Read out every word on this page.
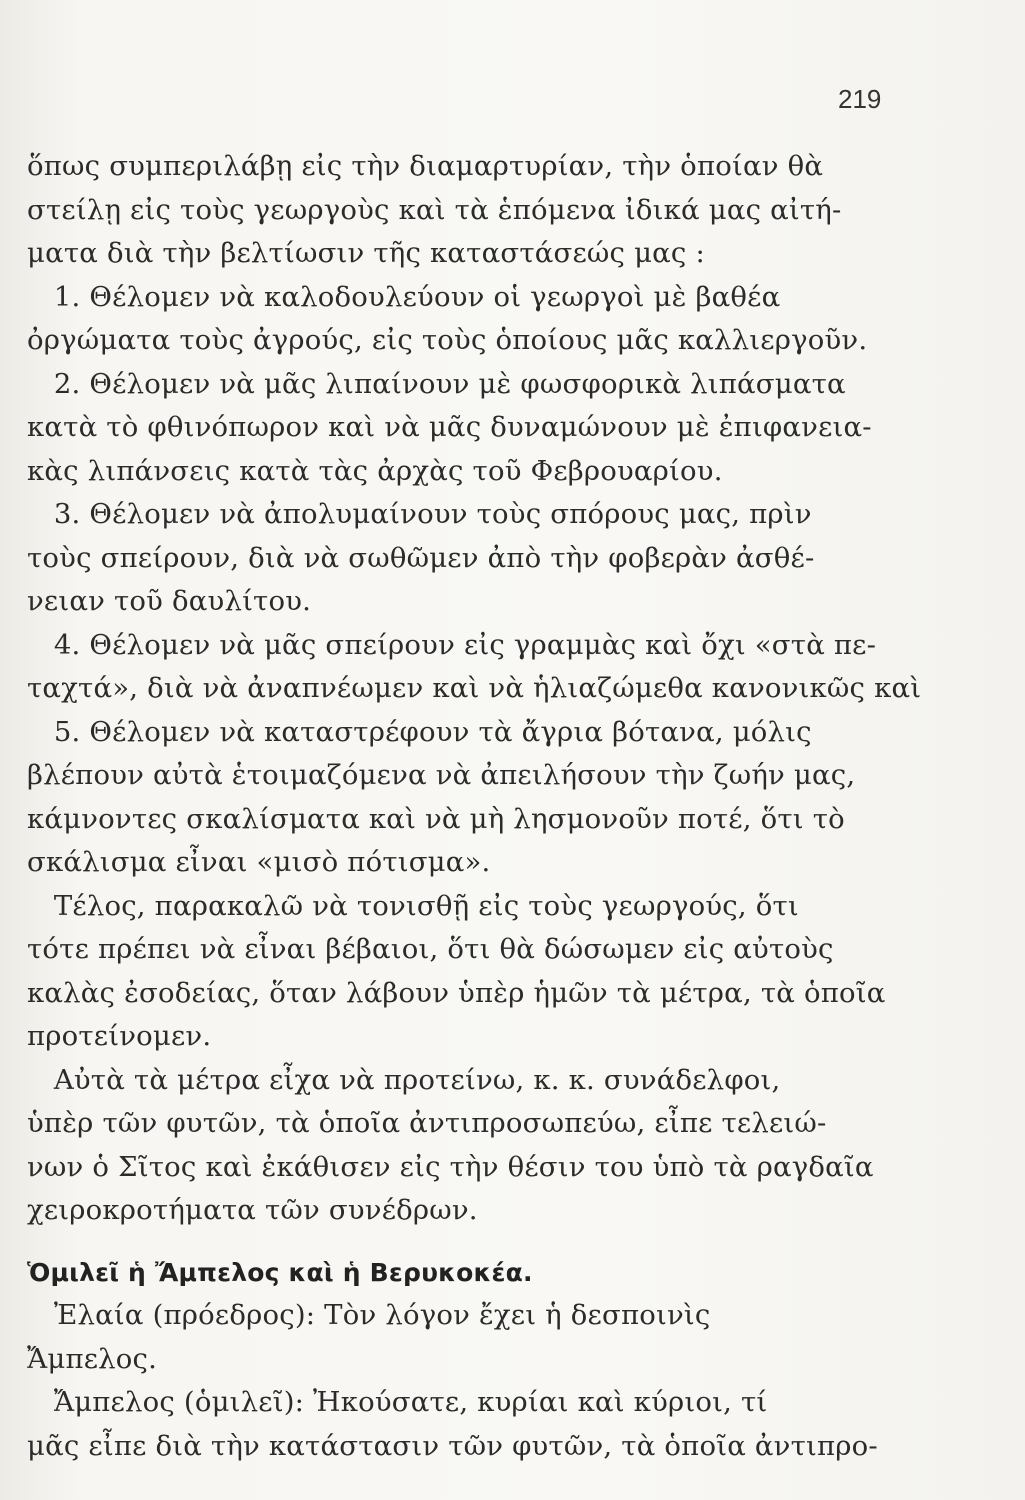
219
ὅπως συμπεριλάβῃ εἰς τὴν διαμαρτυρίαν, τὴν ὁποίαν θὰ
στείλῃ εἰς τοὺς γεωργοὺς καὶ τὰ ἑπόμενα ἰδικά μας αἰτή-
ματα διὰ τὴν βελτίωσιν τῆς καταστάσεώς μας :
1. Θέλομεν νὰ καλοδουλεύουν οἱ γεωργοὶ μὲ βαθέα
ὀργώματα τοὺς ἀγρούς, εἰς τοὺς ὁποίους μᾶς καλλιεργοῦν.
2. Θέλομεν νὰ μᾶς λιπαίνουν μὲ φωσφορικὰ λιπάσματα
κατὰ τὸ φθινόπωρον καὶ νὰ μᾶς δυναμώνουν μὲ ἐπιφανεια-
κὰς λιπάνσεις κατὰ τὰς ἀρχὰς τοῦ Φεβρουαρίου.
3. Θέλομεν νὰ ἀπολυμαίνουν τοὺς σπόρους μας, πρὶν
τοὺς σπείρουν, διὰ νὰ σωθῶμεν ἀπὸ τὴν φοβερὰν ἀσθέ-
νειαν τοῦ δαυλίτου.
4. Θέλομεν νὰ μᾶς σπείρουν εἰς γραμμὰς καὶ ὄχι «στὰ πε-
ταχτά», διὰ νὰ ἀναπνέωμεν καὶ νὰ ἡλιαζώμεθα κανονικῶς καὶ
5. Θέλομεν νὰ καταστρέφουν τὰ ἄγρια βότανα, μόλις
βλέπουν αὐτὰ ἑτοιμαζόμενα νὰ ἀπειλήσουν τὴν ζωήν μας,
κάμνοντες σκαλίσματα καὶ νὰ μὴ λησμονοῦν ποτέ, ὅτι τὸ
σκάλισμα εἶναι «μισὸ πότισμα».
Τέλος, παρακαλῶ νὰ τονισθῇ εἰς τοὺς γεωργούς, ὅτι
τότε πρέπει νὰ εἶναι βέβαιοι, ὅτι θὰ δώσωμεν εἰς αὐτοὺς
καλὰς ἐσοδείας, ὅταν λάβουν ὑπὲρ ἡμῶν τὰ μέτρα, τὰ ὁποῖα
προτείνομεν.
Αὐτὰ τὰ μέτρα εἶχα νὰ προτείνω, κ. κ. συνάδελφοι,
ὑπὲρ τῶν φυτῶν, τὰ ὁποῖα ἀντιπροσωπεύω, εἶπε τελειώ-
νων ὁ Σῖτος καὶ ἐκάθισεν εἰς τὴν θέσιν του ὑπὸ τὰ ραγδαῖα
χειροκροτήματα τῶν συνέδρων.
Ὁμιλεῖ ἡ Ἄμπελος καὶ ἡ Βερυκοκέα.
Ἐλαία (πρόεδρος): Τὸν λόγον ἔχει ἡ δεσποινὶς
Ἄμπελος.
Ἄμπελος (ὁμιλεῖ): Ἠκούσατε, κυρίαι καὶ κύριοι, τί
μᾶς εἶπε διὰ τὴν κατάστασιν τῶν φυτῶν, τὰ ὁποῖα ἀντιπρο-
